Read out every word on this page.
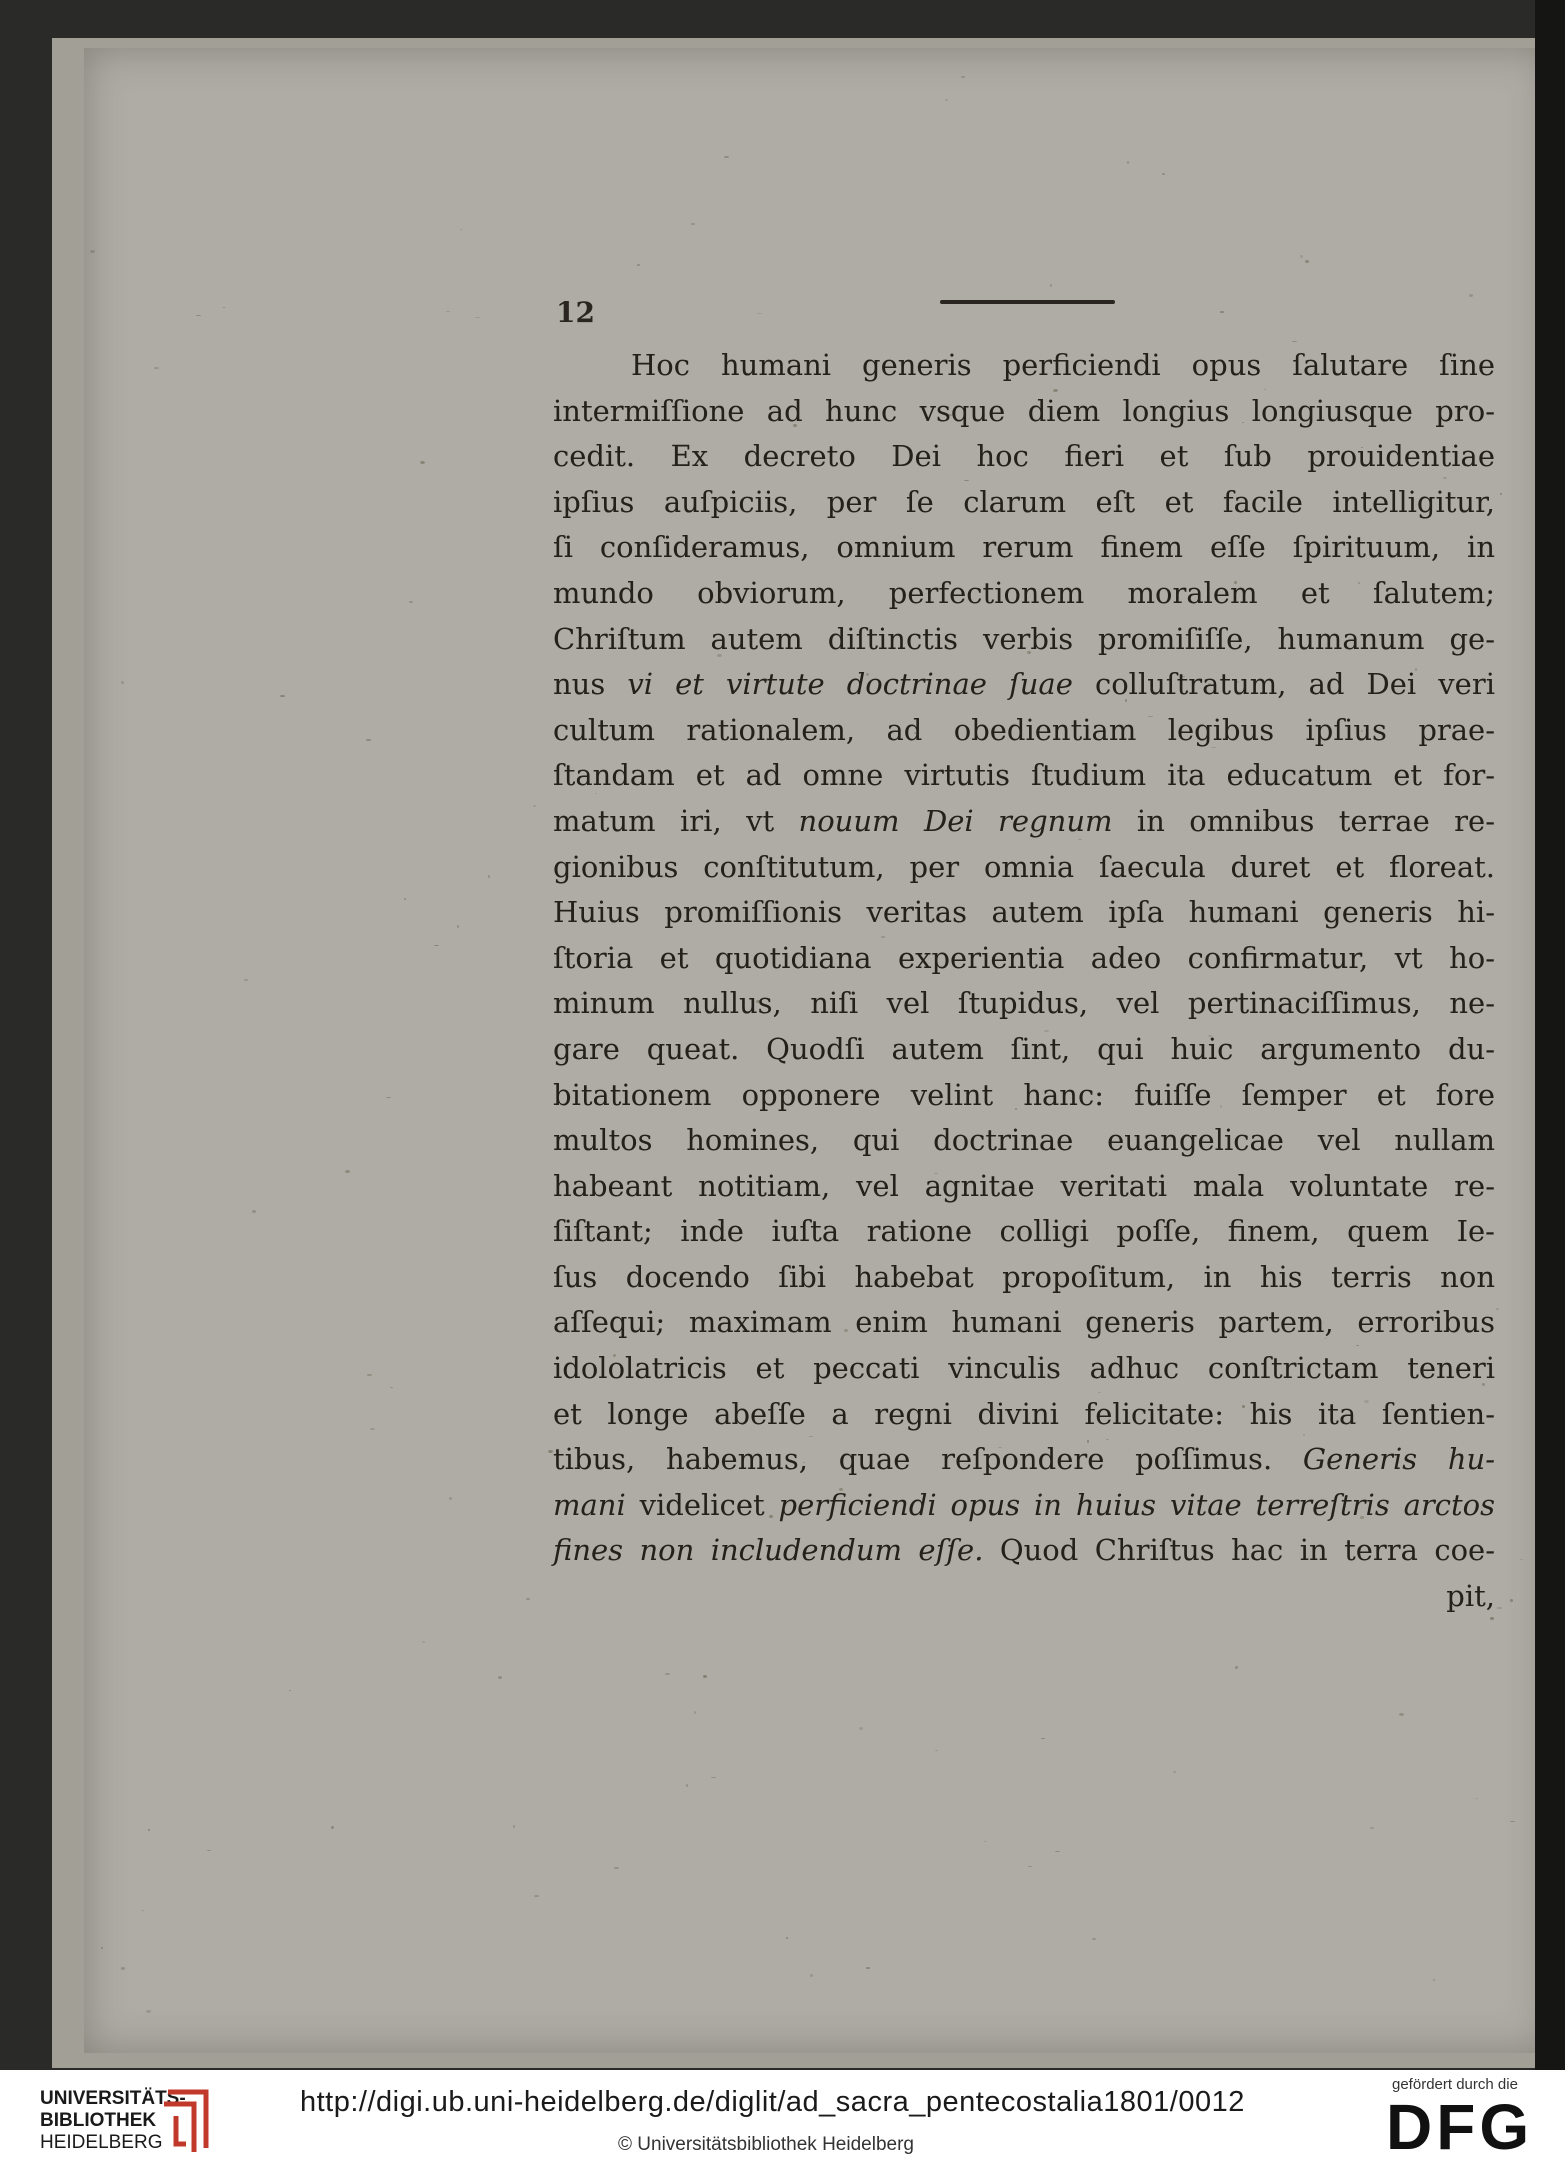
12
Hoc humani generis perficiendi opus ſalutare ſine
intermiſſione ad hunc vsque diem longius longiusque pro-
cedit. Ex decreto Dei hoc fieri et ſub prouidentiae
ipſius auſpiciis, per ſe clarum eſt et facile intelligitur,
ſi conſideramus, omnium rerum finem eſſe ſpirituum, in
mundo obviorum, perfectionem moralem et ſalutem;
Chriſtum autem diſtinctis verbis promiſiſſe, humanum ge-
nus vi et virtute doctrinae ſuae colluſtratum, ad Dei veri
cultum rationalem, ad obedientiam legibus ipſius prae-
ſtandam et ad omne virtutis ſtudium ita educatum et for-
matum iri, vt nouum Dei regnum in omnibus terrae re-
gionibus conſtitutum, per omnia ſaecula duret et floreat.
Huius promiſſionis veritas autem ipſa humani generis hi-
ſtoria et quotidiana experientia adeo confirmatur, vt ho-
minum nullus, niſi vel ſtupidus, vel pertinaciſſimus, ne-
gare queat. Quodſi autem ſint, qui huic argumento du-
bitationem opponere velint hanc: fuiſſe ſemper et fore
multos homines, qui doctrinae euangelicae vel nullam
habeant notitiam, vel agnitae veritati mala voluntate re-
ſiſtant; inde iuſta ratione colligi poſſe, finem, quem Ie-
ſus docendo ſibi habebat propoſitum, in his terris non
aſſequi; maximam enim humani generis partem, erroribus
idololatricis et peccati vinculis adhuc conſtrictam teneri
et longe abeſſe a regni divini felicitate: his ita ſentien-
tibus, habemus, quae reſpondere poſſimus. Generis hu-
mani videlicet perficiendi opus in huius vitae terreſtris arctos
fines non includendum eſſe. Quod Chriſtus hac in terra coe-
pit,
UNIVERSITÄTS-
BIBLIOTHEK
HEIDELBERG
http://digi.ub.uni-heidelberg.de/diglit/ad_sacra_pentecostalia1801/0012
© Universitätsbibliothek Heidelberg
gefördert durch die
DFG
